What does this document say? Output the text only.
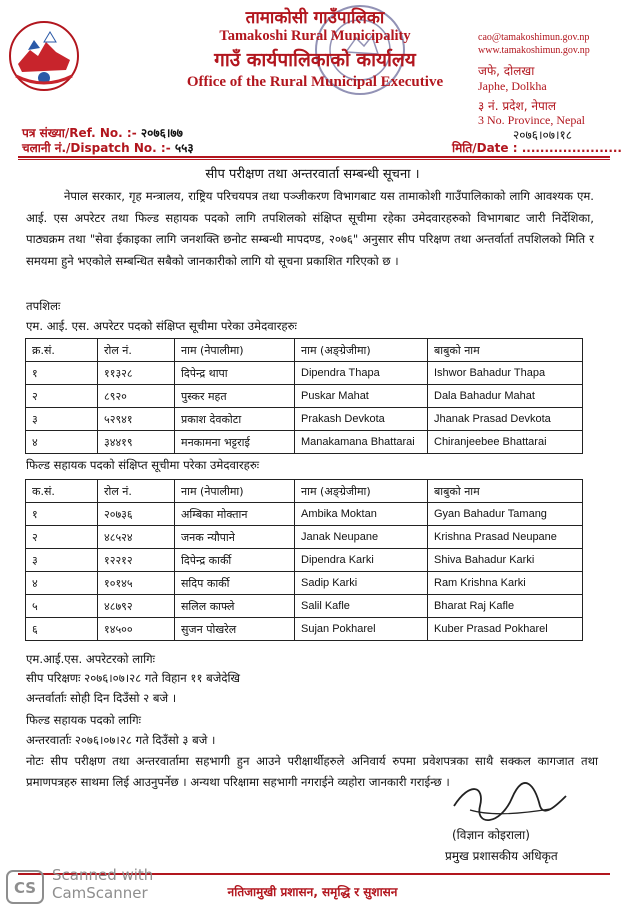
तामाकोसी गाउँपालिका
Tamakoshi Rural Municipality
गाउँ कार्यपालिकाको कार्यालय
Office of the Rural Municipal Executive
cao@tamakoshimun.gov.np
www.tamakoshimun.gov.np
जफे, दोलखा
Japhe, Dolkha
३ नं. प्रदेश, नेपाल
3 No. Province, Nepal
२०७६।०७।१८
पत्र संख्या/Ref. No. :- २०७६।७७
चलानी नं./Dispatch No. :- ५५३	मिति/Date : ......................
सीप परीक्षण तथा अन्तरवार्ता सम्बन्धी सूचना ।
नेपाल सरकार, गृह मन्त्रालय, राष्ट्रिय परिचयपत्र तथा पञ्जीकरण विभागबाट यस तामाकोशी गाउँपालिकाको लागि आवश्यक एम. आई. एस अपरेटर तथा फिल्ड सहायक पदको लागि तपशिलको संक्षिप्त सूचीमा रहेका उमेदवारहरुको विभागबाट जारी निर्देशिका, पाठ्यक्रम तथा "सेवा ईकाइका लागि जनशक्ति छनोट सम्बन्धी मापदण्ड, २०७६" अनुसार सीप परिक्षण तथा अन्तर्वार्ता तपशिलको मिति र समयमा हुने भएकोले सम्बन्धित सबैको जानकारीको लागि यो सूचना प्रकाशित गरिएको छ ।
तपशिलः
एम. आई. एस. अपरेटर पदको संक्षिप्त सूचीमा परेका उमेदवारहरुः
क्र.सं.	रोल नं.	नाम (नेपालीमा)	नाम (अङ्ग्रेजीमा)	बाबुको नाम
१	११३२८	दिपेन्द्र थापा	Dipendra Thapa	Ishwor Bahadur Thapa
२	८९२०	पुस्कर महत	Puskar Mahat	Dala Bahadur Mahat
३	५२९४१	प्रकाश देवकोटा	Prakash Devkota	Jhanak Prasad Devkota
४	३४४१९	मनकामना भट्टराई	Manakamana Bhattarai	Chiranjeebee Bhattarai
फिल्ड सहायक पदको संक्षिप्त सूचीमा परेका उमेदवारहरुः
क.सं.	रोल नं.	नाम (नेपालीमा)	नाम (अङ्ग्रेजीमा)	बाबुको नाम
१	२०७३६	अम्बिका मोक्तान	Ambika Moktan	Gyan Bahadur Tamang
२	४८५२४	जनक न्यौपाने	Janak Neupane	Krishna Prasad Neupane
३	१२२१२	दिपेन्द्र कार्की	Dipendra Karki	Shiva Bahadur Karki
४	१०१४५	सदिप कार्की	Sadip Karki	Ram Krishna Karki
५	४८७९२	सलिल काफ्ले	Salil Kafle	Bharat Raj Kafle
६	१४५००	सुजन पोखरेल	Sujan Pokharel	Kuber Prasad Pokharel
एम.आई.एस. अपरेटरको लागिः
सीप परिक्षणः २०७६।०७।२८ गते विहान ११ बजेदेखि
अन्तर्वार्ताः सोही दिन दिउँसो २ बजे ।
फिल्ड सहायक पदको लागिः
अन्तरवार्ताः २०७६।०७।२८ गते दिउँसो ३ बजे ।
नोटः सीप परीक्षण तथा अन्तरवार्तामा सहभागी हुन आउने परीक्षार्थीहरुले अनिवार्य रुपमा प्रवेशपत्रका साथै सक्कल कागजात तथा प्रमाणपत्रहरु साथमा लिई आउनुपर्नेछ । अन्यथा परिक्षामा सहभागी नगराईने व्यहोरा जानकारी गराईन्छ ।
(विज्ञान कोइराला)
प्रमुख प्रशासकीय अधिकृत
नतिजामुखी प्रशासन, समृद्धि र सुशासन
CS
Scanned with
CamScanner
